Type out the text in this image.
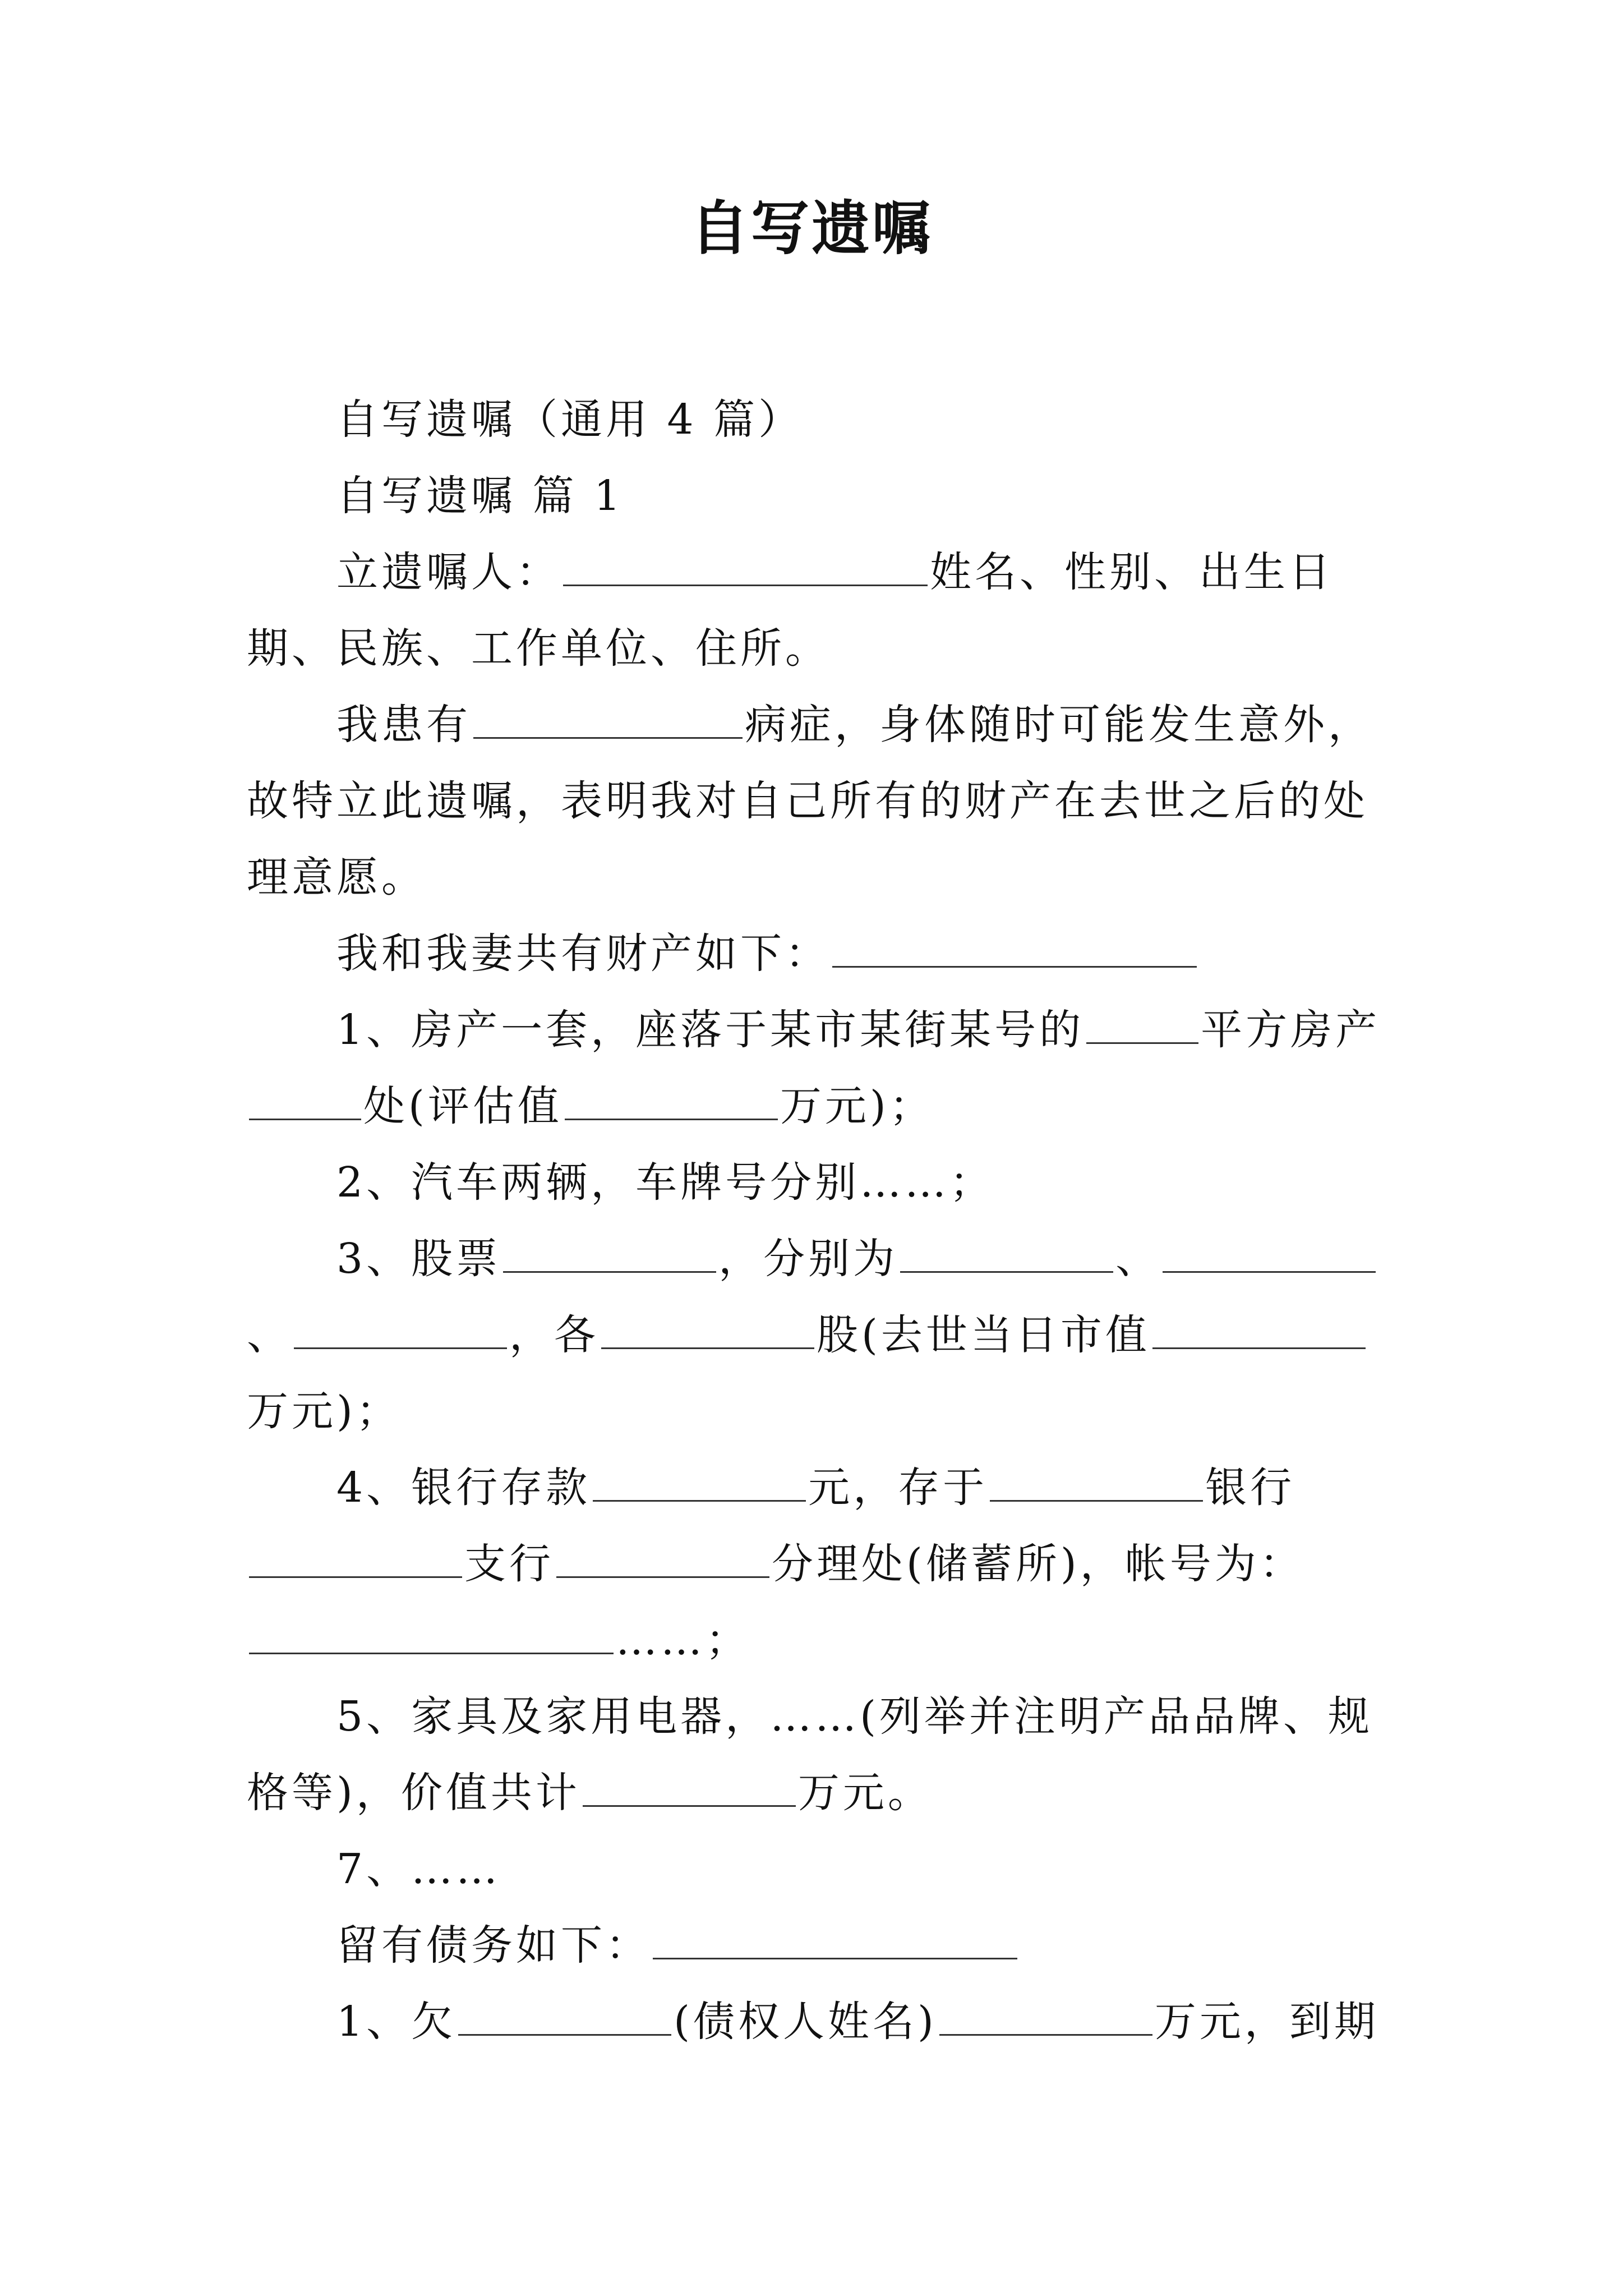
自写遗嘱

自写遗嘱（通用 4 篇）

自写遗嘱 篇 1

立遗嘱人：	姓名、性别、出生日期、民族、工作单位、住所。

我患有	病症，身体随时可能发生意外，故特立此遗嘱，表明我对自己所有的财产在去世之后的处理意愿。

我和我妻共有财产如下：

1、房产一套，座落于某市某街某号的	平方房产处(评估值	万元)；

2、汽车两辆，车牌号分别……；

3、股票	，分别为	、、	，各	股(去世当日市值万元)；

4、银行存款	元，存于	银行支行	分理处(储蓄所)，帐号为：……；

5、家具及家用电器，……(列举并注明产品品牌、规格等)，价值共计	万元。

7、……

留有债务如下：

1、欠	(债权人姓名)	万元，到期
